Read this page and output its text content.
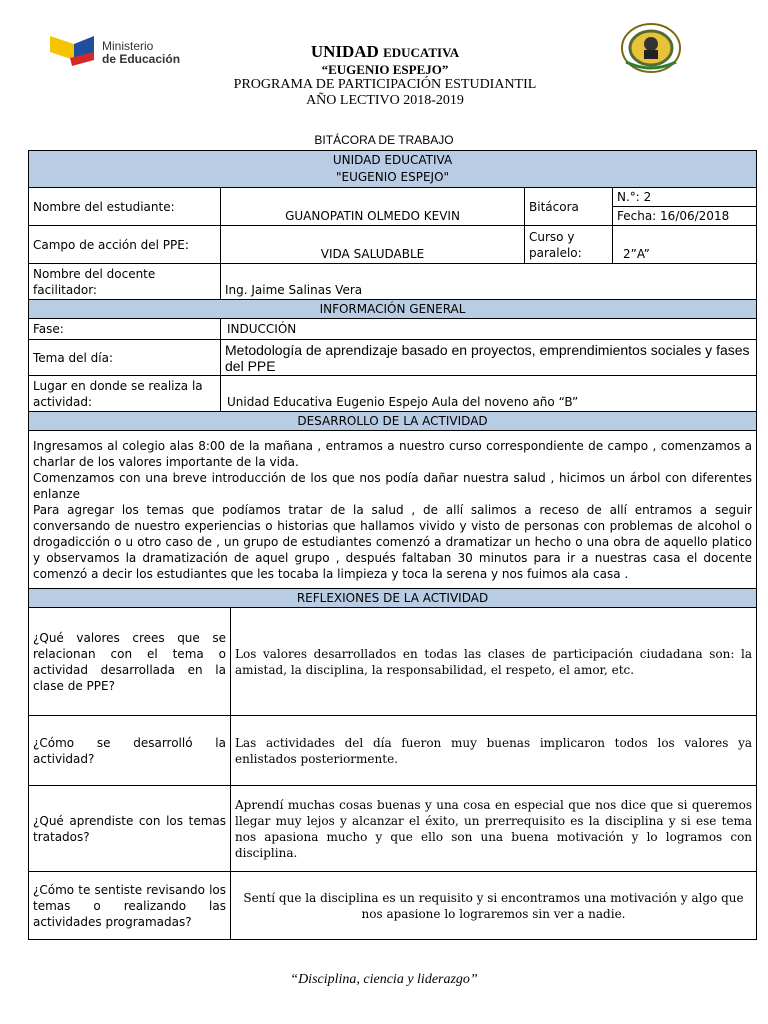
Ministerio
de Educación	UNIDAD EDUCATIVA
“EUGENIO ESPEJO”
PROGRAMA DE PARTICIPACIÓN ESTUDIANTIL
AÑO LECTIVO 2018-2019
BITÁCORA DE TRABAJO
UNIDAD EDUCATIVA
"EUGENIO ESPEJO"				

Nombre del estudiante:	GUANOPATIN OLMEDO KEVIN		Bitácora	N.°: 2
				Fecha: 16/06/2018
Campo de acción del PPE:	VIDA SALUDABLE		Curso y paralelo:	2”A”
Nombre del docente facilitador:	Ing. Jaime Salinas Vera			
INFORMACIÓN GENERAL				
Fase:	INDUCCIÓN			
Tema del día:	Metodología de aprendizaje basado en proyectos, emprendimientos sociales y fases del PPE			
Lugar en donde se realiza la actividad:	Unidad Educativa Eugenio Espejo Aula del noveno año “B”			
DESARROLLO DE LA ACTIVIDAD				

Ingresamos al colegio alas 8:00 de la mañana , entramos a nuestro curso correspondiente de campo , comenzamos a charlar de los valores importante de la vida.

Comenzamos con una breve introducción de los que nos podía dañar nuestra salud , hicimos un árbol con diferentes enlanze

Para agregar los temas que podíamos tratar de la salud , de allí salimos a receso de allí entramos a seguir conversando de nuestro experiencias o historias que hallamos vivido y visto de personas con problemas de alcohol o drogadicción o u otro caso de , un grupo de estudiantes comenzó a dramatizar un hecho o una obra de aquello platico y observamos la dramatización de aquel grupo , después faltaban 30 minutos para ir a nuestras casa el docente comenzó a decir los estudiantes que les tocaba la limpieza y toca la serena y nos fuimos ala casa .				

REFLEXIONES DE LA ACTIVIDAD				
¿Qué valores crees que se relacionan con el tema o actividad desarrollada en la clase de PPE?		Los valores desarrollados en todas las clases de participación ciudadana son: la amistad, la disciplina, la responsabilidad, el respeto, el amor, etc.		
¿Cómo se desarrolló la actividad?		Las actividades del día fueron muy buenas implicaron todos los valores ya enlistados posteriormente.		
¿Qué aprendiste con los temas tratados?		Aprendí muchas cosas buenas y una cosa en especial que nos dice que si queremos llegar muy lejos y alcanzar el éxito, un prerrequisito es la disciplina y si ese tema nos apasiona mucho y que ello son una buena motivación y lo logramos con disciplina.		
¿Cómo te sentiste revisando los temas o realizando las actividades programadas?		Sentí que la disciplina es un requisito y si encontramos una motivación y algo que nos apasione lo lograremos sin ver a nadie.		
“Disciplina, ciencia y liderazgo”
